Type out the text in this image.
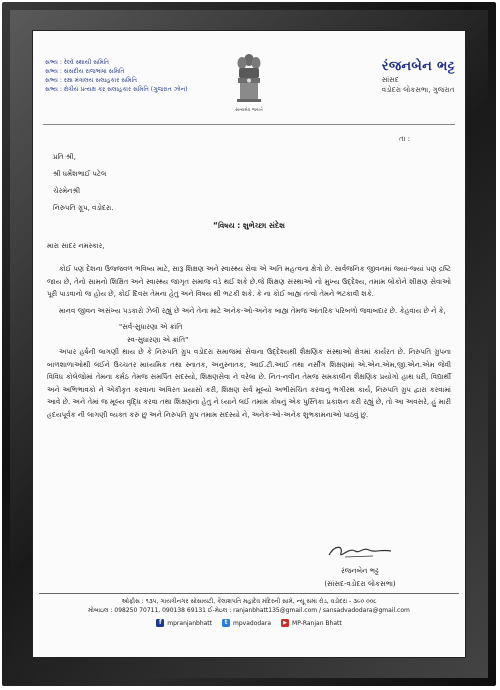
સભ્ય : રેલ્વે સ્થાયી સમિતિ
સભ્ય : સંસદીય રાજભાષા સમિતિ
સભ્ય : રક્ષા મંત્રાલય સલાહકાર સમિતિ
સભ્ય : ક્ષેત્રીય પ્રત્યક્ષ કર સલાહકાર સમિતિ (ગુજરાત ઝોન)
સત્યમેવ જયતે
રંજનબેન ભટ્ટ
સાંસદ
વડોદરા લોકસભા, ગુજરાત
તા :
પ્રતિ શ્રી,
શ્રી ધર્મેશભાઈ પટેલ
ચેરમેનશ્રી
નિરુપતિ ગ્રૂપ, વડોદરા.
“વિષય : શુભેચ્છા સંદેશ
મારા સાદર નમસ્કાર,

કોઈ પણ દેશના ઉજ્જવળ ભવિષ્ય માટે, સારૂ શિક્ષણ અને સ્વાસ્થ્ય સેવા એ અતિ મહત્વના ક્ષેત્રો છે. સાર્વજનિક જીવનમાં જ્યાં-જ્યાં પણ દ્રષ્ટિ જાય છે, તેનો સામનો શિક્ષિત અને સ્વાસ્થ્ય જાગૃત સમાજ વડે થઈ શકે છે.જે શિક્ષણ સંસ્થાઓ નો મુખ્ય ઉદ્દેશ્ય, તમામ લોકોને શીક્ષણ સેવાઓ પૂરી પાડવાનો જ હોય છે, કોઈ દિવસ તેમના હેતુ અને વિષય થી ભટકી શકે. કે ના કોઈ બાહ્ય તત્વો તેમને ભટકાવી શકે.

માનવ જીવન અસંખ્ય પડકારો ઝેલી રહ્યું છે અને તેના માટે અનેક-ઓ-અનેક બાહ્ય તેમજ આંતરિક પરિબળો જવાબદાર છે. કેહવાય છે ને કે,

"સર્વ-સુધારણા એ ક્રાંતિ
સ્વ-સુધારણા એ ક્રાંતિ"

અપાર હર્ષની લાગણી થાય છે કે નિરુપતિ ગ્રુપ વડોદરા સમાજમાં સેવાના ઉદ્દેશ્યથી શૈક્ષણિક સંસ્થાઓ ક્ષેત્રમાં કાર્યરત છે. નિરુપતિ ગ્રુપના બાળશાળાઓથી લઈને ઉચ્ચતર માધ્યમિક તથા સ્નાતક, અનુસ્નાતક, આઈ.ટી.આઈ તથા નર્સીંગ શિક્ષણમાં એ.એન.એમ,જી.એન.એમ જેવી વિવિધ કોલેજોમાં તેમના કર્મઠ તેમજ સમર્પિત સદસ્યો, શિક્ષણસેવા ને વરેલા છે. નિત-નવીન તેમજ સમકાલીન શૈક્ષણિક પ્રયોગો હાથ ધરી, વિદ્યાર્થી અને અભિભાવકો ને એકીકૃત કરવાના અવિરત પ્રયાસો કરી, શિક્ષણ સર્વ મૂલ્યો અભીસંચિત કરવાનું ભગીરથ કાર્ય, નિરુપતિ ગ્રુપ દ્વારા કરવામાં આવે છે. અને તેમાં જ મૂલ્ય વૃદ્ધિ કરવા તથા શિક્ષણના હેતુ ને ધ્યાને લઈ તમામ કોષનું એક પુસ્તિકા પ્રકાશન કરી રહ્યું છે, તો આ અવસરે, હું મારી હ્રદયપૂર્વક ની લાગણી વ્યક્ત કરું છુ અને નિરુપતિ ગ્રુપ તમામ સદસ્યો ને, અનેક-ઓ-અનેક શુભકામનાઓ પાઠવું છુ.

રંજનબેન ભટ્ટ
(સાંસદ-વડોદરા લોકસભા)
ઓફીસ : ૧૩૫, ગાયત્રીનગર સોસાયટી, કૈલાશપતિ મહાદેવ મંદિરની સામે, ન્યૂ સમા રોડ, વડોદરા - ૩૯૦ ૦૦૮
મોબાઇલ : 098250 70711, 090138 69131 ઈ-મેઇલ : ranjanbhatt135@gmail.com / sansadvadodara@gmail.com
f mpranjanbhatt	t mpvadodara	▶ MP-Ranjan Bhatt
